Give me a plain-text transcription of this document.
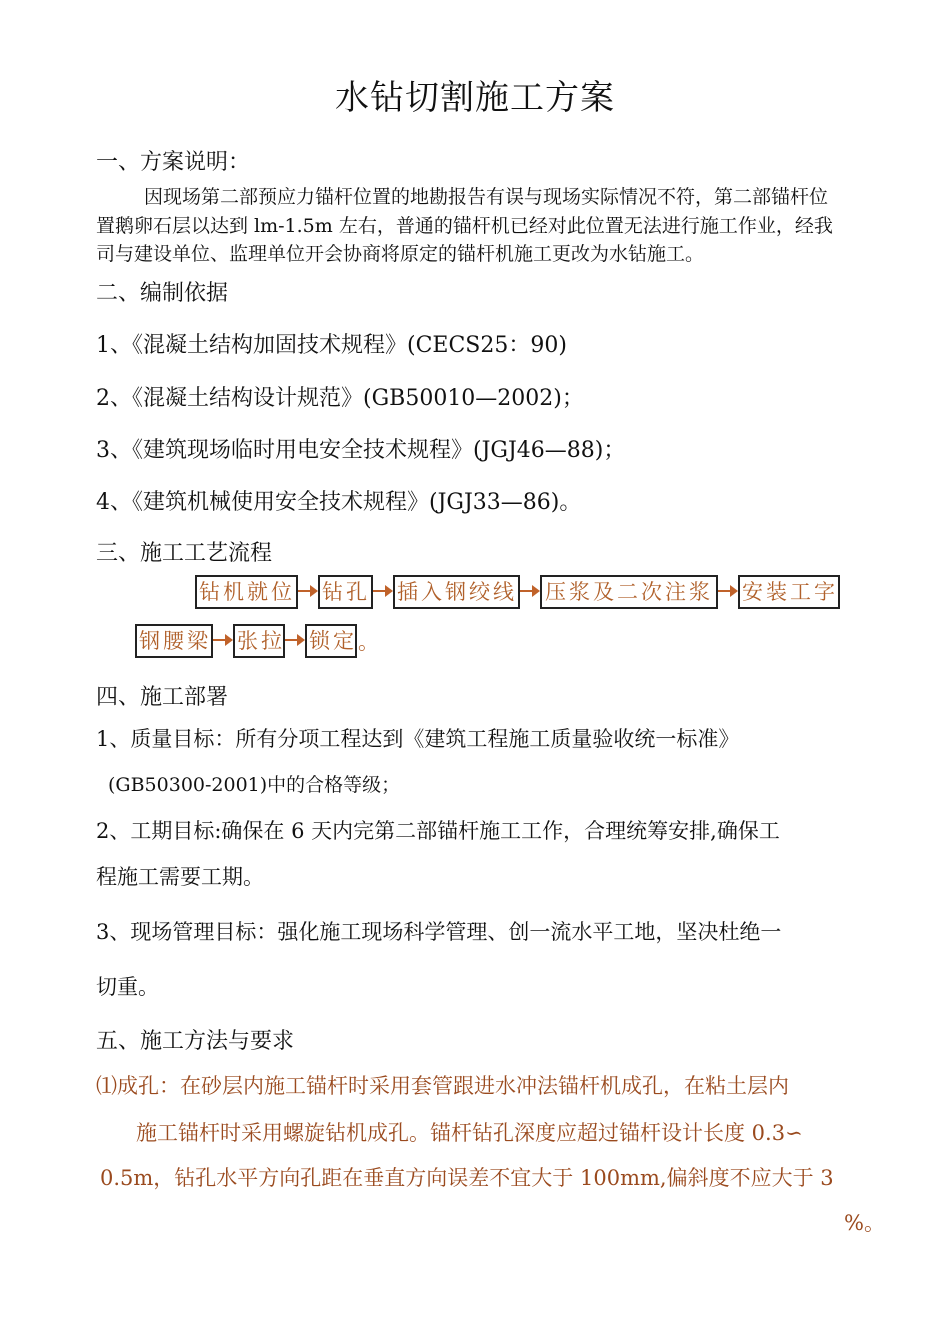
水钻切割施工方案
一、方案说明：
因现场第二部预应力锚杆位置的地勘报告有误与现场实际情况不符，第二部锚杆位
置鹅卵石层以达到 lm-1.5m 左右，普通的锚杆机已经对此位置无法进行施工作业，经我
司与建设单位、监理单位开会协商将原定的锚杆机施工更改为水钻施工。
二、编制依据
1、《混凝土结构加固技术规程》(CECS25：90)
2、《混凝土结构设计规范》(GB50010—2002)；
3、《建筑现场临时用电安全技术规程》(JGJ46—88)；
4、《建筑机械使用安全技术规程》(JGJ33—86)。
三、施工工艺流程
钻机就位 钻孔 插入钢绞线 压浆及二次注浆 安装工字
钢腰梁 张拉 锁定 。
四、施工部署
1、质量目标：所有分项工程达到《建筑工程施工质量验收统一标准》
(GB50300-2001)中的合格等级；
2、工期目标:确保在 6 天内完第二部锚杆施工工作，合理统筹安排,确保工
程施工需要工期。
3、现场管理目标：强化施工现场科学管理、创一流水平工地，坚决杜绝一
切重。
五、施工方法与要求
⑴成孔：在砂层内施工锚杆时采用套管跟进水冲法锚杆机成孔，在粘土层内
施工锚杆时采用螺旋钻机成孔。锚杆钻孔深度应超过锚杆设计长度 0.3∽
0.5m，钻孔水平方向孔距在垂直方向误差不宜大于 100mm,偏斜度不应大于 3
%。
